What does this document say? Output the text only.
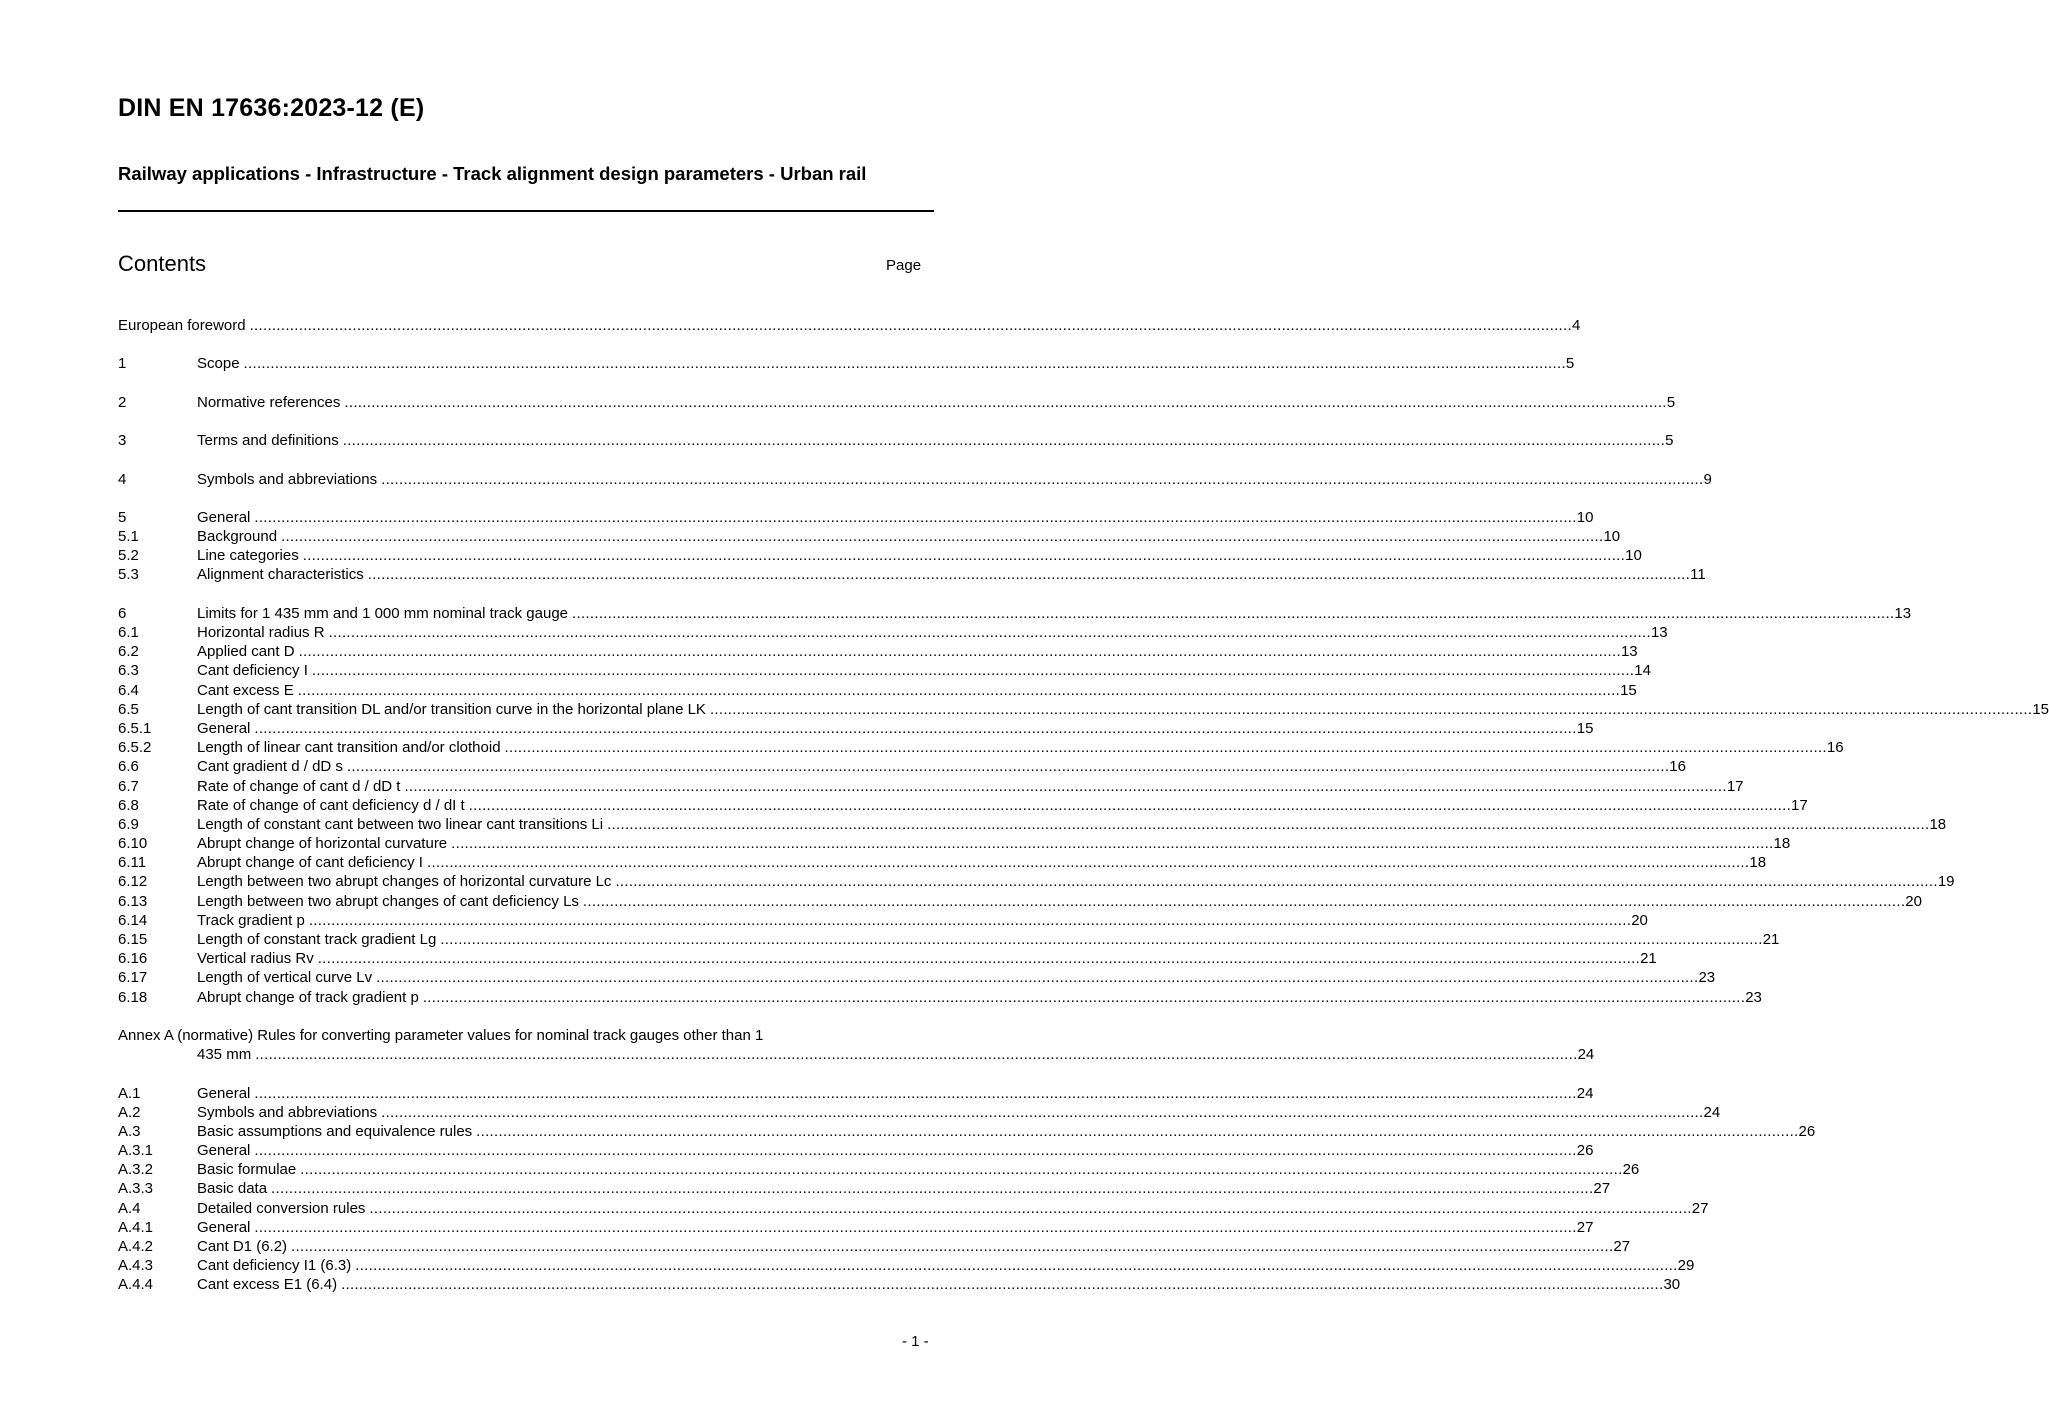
DIN EN 17636:2023-12 (E)
Railway applications - Infrastructure - Track alignment design parameters - Urban rail
Contents	Page
European foreword .....	4
1	Scope .....	5
2	Normative references .....	5
3	Terms and definitions .....	5
4	Symbols and abbreviations .....	9
5	General .....	10
5.1	Background .....	10
5.2	Line categories .....	10
5.3	Alignment characteristics .....	11
6	Limits for 1 435 mm and 1 000 mm nominal track gauge .....	13
6.1	Horizontal radius R .....	13
6.2	Applied cant D .....	13
6.3	Cant deficiency I .....	14
6.4	Cant excess E .....	15
6.5	Length of cant transition DL and/or transition curve in the horizontal plane LK .....	15
6.5.1	General .....	15
6.5.2	Length of linear cant transition and/or clothoid .....	16
6.6	Cant gradient d / dD s .....	16
6.7	Rate of change of cant d / dD t .....	17
6.8	Rate of change of cant deficiency d / dI t .....	17
6.9	Length of constant cant between two linear cant transitions Li .....	18
6.10	Abrupt change of horizontal curvature .....	18
6.11	Abrupt change of cant deficiency I .....	18
6.12	Length between two abrupt changes of horizontal curvature Lc .....	19
6.13	Length between two abrupt changes of cant deficiency Ls .....	20
6.14	Track gradient p .....	20
6.15	Length of constant track gradient Lg .....	21
6.16	Vertical radius Rv .....	21
6.17	Length of vertical curve Lv .....	23
6.18	Abrupt change of track gradient p .....	23
Annex A (normative) Rules for converting parameter values for nominal track gauges other than 1
435 mm .....	24
A.1	General .....	24
A.2	Symbols and abbreviations .....	24
A.3	Basic assumptions and equivalence rules .....	26
A.3.1	General .....	26
A.3.2	Basic formulae .....	26
A.3.3	Basic data .....	27
A.4	Detailed conversion rules .....	27
A.4.1	General .....	27
A.4.2	Cant D1 (6.2) .....	27
A.4.3	Cant deficiency I1 (6.3) .....	29
A.4.4	Cant excess E1 (6.4) .....	30
- 1 -
